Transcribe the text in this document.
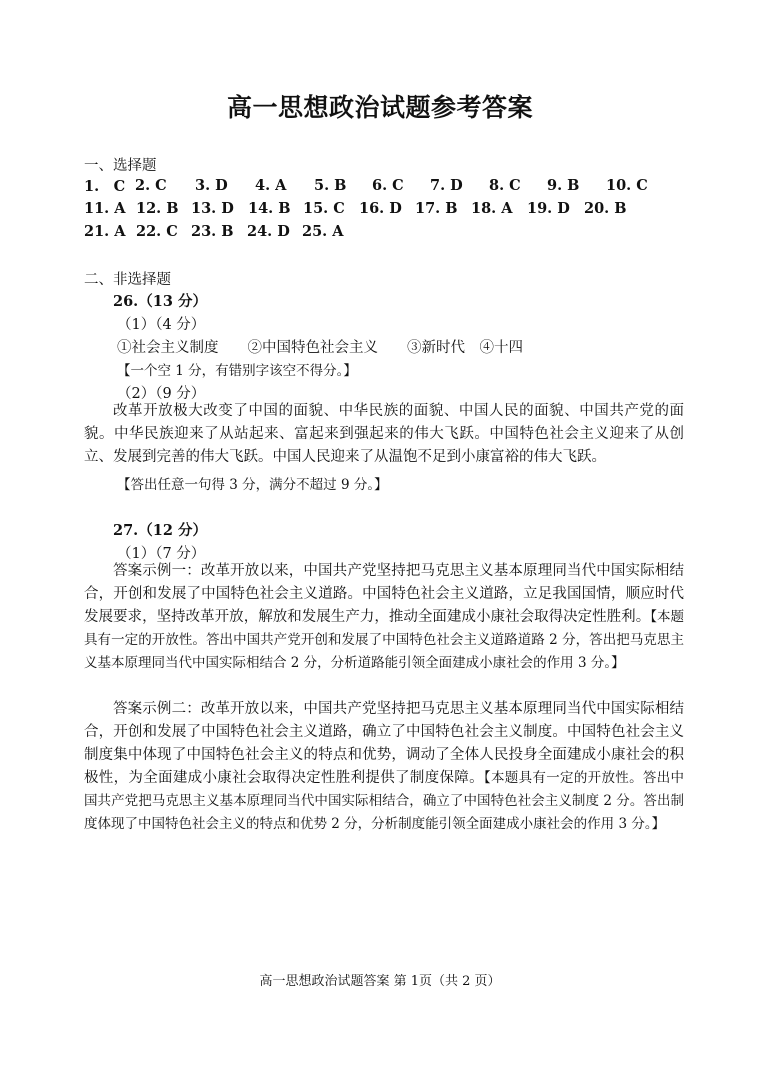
高一思想政治试题参考答案
一、选择题
1.　C 2. C	3. D	4. A	5. B	6. C	7. D	8. C	9. B	10. C
11. A 12. B 13. D 14. B 15. C 16. D 17. B 18. A 19. D 20. B
21. A 22. C 23. B 24. D 25. A
二、非选择题
26.（13 分）
（1）（4 分）
①社会主义制度　　②中国特色社会主义　　③新时代　④十四
【一个空 1 分，有错别字该空不得分。】
（2）（9 分）
改革开放极大改变了中国的面貌、中华民族的面貌、中国人民的面貌、中国共产党的面貌。中华民族迎来了从站起来、富起来到强起来的伟大飞跃。中国特色社会主义迎来了从创立、发展到完善的伟大飞跃。中国人民迎来了从温饱不足到小康富裕的伟大飞跃。
【答出任意一句得 3 分，满分不超过 9 分。】
27.（12 分）
（1）（7 分）
答案示例一：改革开放以来，中国共产党坚持把马克思主义基本原理同当代中国实际相结合，开创和发展了中国特色社会主义道路。中国特色社会主义道路，立足我国国情，顺应时代发展要求，坚持改革开放，解放和发展生产力，推动全面建成小康社会取得决定性胜利。【本题具有一定的开放性。答出中国共产党开创和发展了中国特色社会主义道路道路 2 分，答出把马克思主义基本原理同当代中国实际相结合 2 分，分析道路能引领全面建成小康社会的作用 3 分。】
答案示例二：改革开放以来，中国共产党坚持把马克思主义基本原理同当代中国实际相结合，开创和发展了中国特色社会主义道路，确立了中国特色社会主义制度。中国特色社会主义制度集中体现了中国特色社会主义的特点和优势，调动了全体人民投身全面建成小康社会的积极性，为全面建成小康社会取得决定性胜利提供了制度保障。【本题具有一定的开放性。答出中国共产党把马克思主义基本原理同当代中国实际相结合，确立了中国特色社会主义制度 2 分。答出制度体现了中国特色社会主义的特点和优势 2 分，分析制度能引领全面建成小康社会的作用 3 分。】
高一思想政治试题答案 第 1页（共 2 页）
